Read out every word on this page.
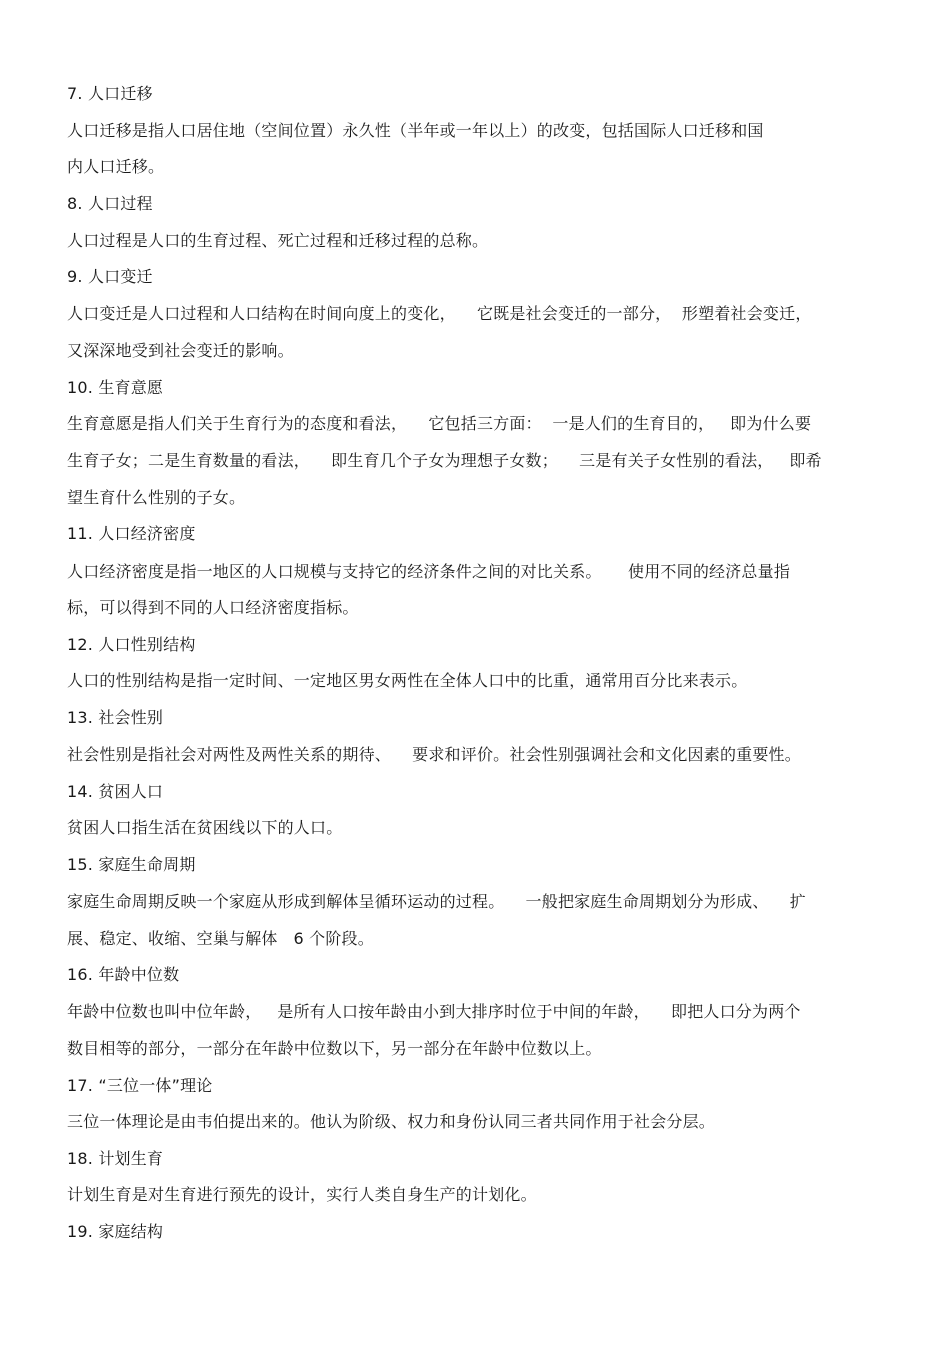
7. 人口迁移
人口迁移是指人口居住地（空间位置）永久性（半年或一年以上）的改变，包括国际人口迁移和国
内人口迁移。
8. 人口过程
人口过程是人口的生育过程、死亡过程和迁移过程的总称。
9. 人口变迁
人口变迁是人口过程和人口结构在时间向度上的变化，    它既是社会变迁的一部分，  形塑着社会变迁，
又深深地受到社会变迁的影响。
10. 生育意愿
生育意愿是指人们关于生育行为的态度和看法，    它包括三方面：  一是人们的生育目的，   即为什么要
生育子女；二是生育数量的看法，    即生育几个子女为理想子女数；    三是有关子女性别的看法，   即希
望生育什么性别的子女。
11. 人口经济密度
人口经济密度是指一地区的人口规模与支持它的经济条件之间的对比关系。     使用不同的经济总量指
标，可以得到不同的人口经济密度指标。
12. 人口性别结构
人口的性别结构是指一定时间、一定地区男女两性在全体人口中的比重，通常用百分比来表示。
13. 社会性别
社会性别是指社会对两性及两性关系的期待、    要求和评价。社会性别强调社会和文化因素的重要性。
14. 贫困人口
贫困人口指生活在贫困线以下的人口。
15. 家庭生命周期
家庭生命周期反映一个家庭从形成到解体呈循环运动的过程。    一般把家庭生命周期划分为形成、    扩
展、稳定、收缩、空巢与解体   6 个阶段。
16. 年龄中位数
年龄中位数也叫中位年龄，   是所有人口按年龄由小到大排序时位于中间的年龄，    即把人口分为两个
数目相等的部分，一部分在年龄中位数以下，另一部分在年龄中位数以上。
17. “三位一体”理论
三位一体理论是由韦伯提出来的。他认为阶级、权力和身份认同三者共同作用于社会分层。
18. 计划生育
计划生育是对生育进行预先的设计，实行人类自身生产的计划化。
19. 家庭结构
